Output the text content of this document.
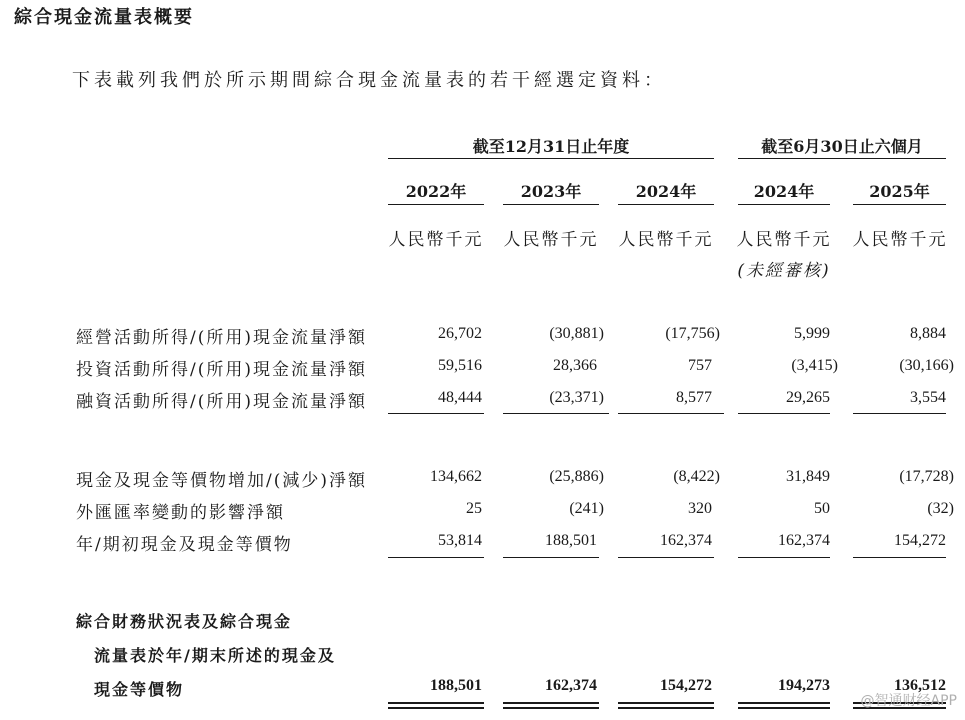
綜合現金流量表概要
下表載列我們於所示期間綜合現金流量表的若干經選定資料：
截至12月31日止年度	截至6月30日止六個月
2022年	2023年	2024年	2024年	2025年
人民幣千元 人民幣千元 人民幣千元 人民幣千元 人民幣千元
(未經審核)
經營活動所得/(所用)現金流量淨額	26,702	(30,881)	(17,756)	5,999	8,884
投資活動所得/(所用)現金流量淨額	59,516	28,366	757	(3,415)	(30,166)
融資活動所得/(所用)現金流量淨額	48,444	(23,371)	8,577	29,265	3,554
現金及現金等價物增加/(減少)淨額	134,662	(25,886)	(8,422)	31,849	(17,728)
外匯匯率變動的影響淨額	25	(241)	320	50	(32)
年/期初現金及現金等價物	53,814	188,501	162,374	162,374	154,272
綜合財務狀況表及綜合現金
流量表於年/期末所述的現金及
現金等價物	188,501	162,374	154,272	194,273	136,512
@智通财经APP
